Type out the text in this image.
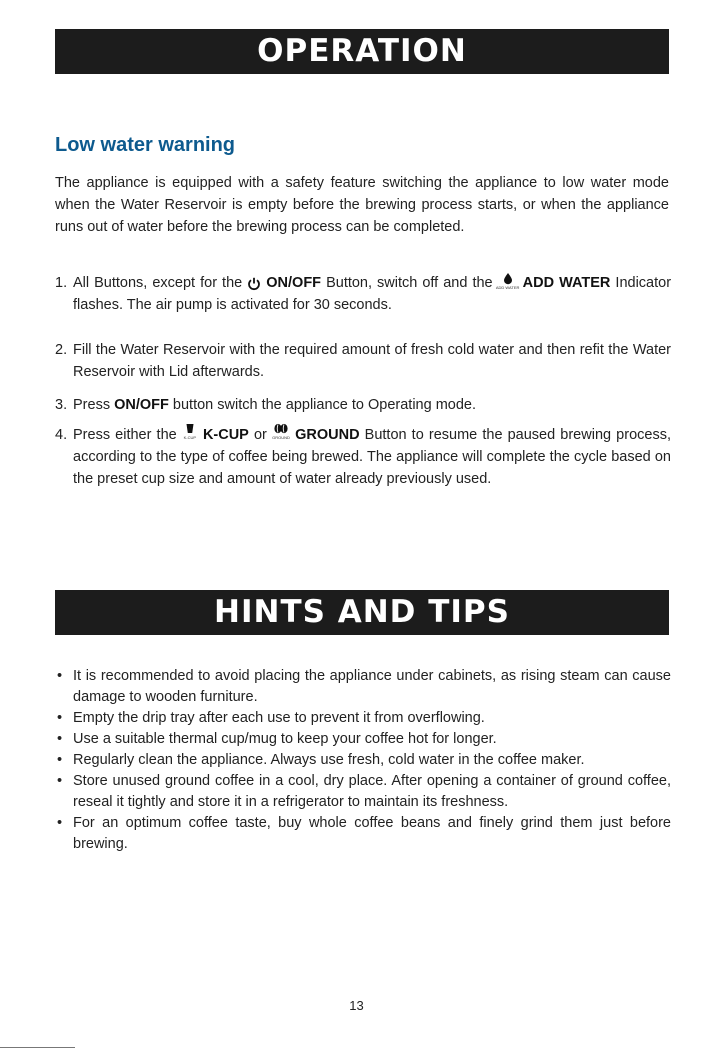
OPERATION
Low water warning

The appliance is equipped with a safety feature switching the appliance to low water mode when the Water Reservoir is empty before the brewing process starts, or when the appliance runs out of water before the brewing process can be completed.

1. All Buttons, except for the ON/OFF Button, switch off and the ADD WATER ADD WATER Indicator flashes. The air pump is activated for 30 seconds.
2. Fill the Water Reservoir with the required amount of fresh cold water and then refit the Water Reservoir with Lid afterwards.
3. Press ON/OFF button switch the appliance to Operating mode.
4. Press either the K-CUP K-CUP or GROUND GROUND Button to resume the paused brewing process, according to the type of coffee being brewed. The appliance will complete the cycle based on the preset cup size and amount of water already previously used.
HINTS AND TIPS
• It is recommended to avoid placing the appliance under cabinets, as rising steam can cause damage to wooden furniture.
• Empty the drip tray after each use to prevent it from overflowing.
• Use a suitable thermal cup/mug to keep your coffee hot for longer.
• Regularly clean the appliance. Always use fresh, cold water in the coffee maker.
• Store unused ground coffee in a cool, dry place. After opening a container of ground coffee, reseal it tightly and store it in a refrigerator to maintain its freshness.
• For an optimum coffee taste, buy whole coffee beans and finely grind them just before brewing.
13
